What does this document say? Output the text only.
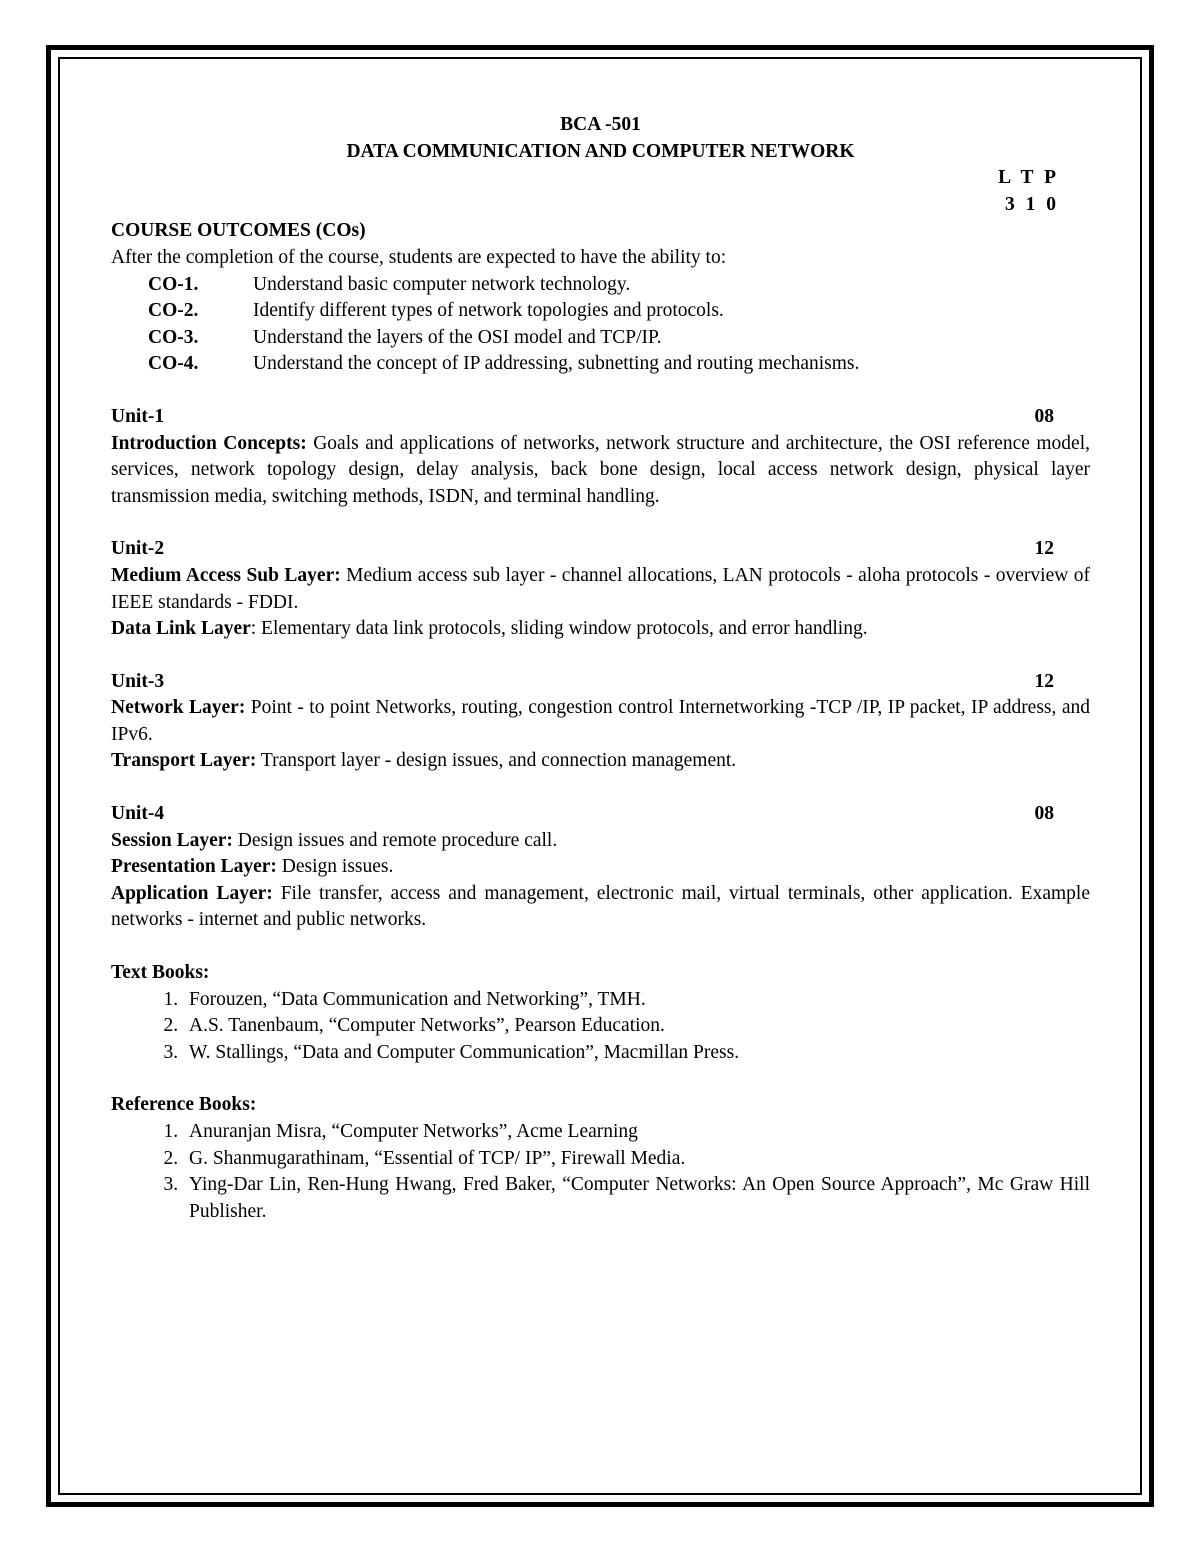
BCA -501
DATA COMMUNICATION AND COMPUTER NETWORK
L T P
3 1 0
COURSE OUTCOMES (COs)
After the completion of the course, students are expected to have the ability to:
CO-1.	Understand basic computer network technology.
CO-2.	Identify different types of network topologies and protocols.
CO-3.	Understand the layers of the OSI model and TCP/IP.
CO-4.	Understand the concept of IP addressing, subnetting and routing mechanisms.
Unit-1	08
Introduction Concepts: Goals and applications of networks, network structure and architecture, the OSI reference model, services, network topology design, delay analysis, back bone design, local access network design, physical layer transmission media, switching methods, ISDN, and terminal handling.
Unit-2	12
Medium Access Sub Layer: Medium access sub layer - channel allocations, LAN protocols - aloha protocols - overview of IEEE standards - FDDI.
Data Link Layer: Elementary data link protocols, sliding window protocols, and error handling.
Unit-3	12
Network Layer: Point - to point Networks, routing, congestion control Internetworking -TCP /IP, IP packet, IP address, and IPv6.
Transport Layer: Transport layer - design issues, and connection management.
Unit-4	08
Session Layer: Design issues and remote procedure call.
Presentation Layer: Design issues.
Application Layer: File transfer, access and management, electronic mail, virtual terminals, other application. Example networks - internet and public networks.
Text Books:
1. Forouzen, “Data Communication and Networking”, TMH.
2. A.S. Tanenbaum, “Computer Networks”, Pearson Education.
3. W. Stallings, “Data and Computer Communication”, Macmillan Press.
Reference Books:
1. Anuranjan Misra, “Computer Networks”, Acme Learning
2. G. Shanmugarathinam, “Essential of TCP/ IP”, Firewall Media.
3. Ying-Dar Lin, Ren-Hung Hwang, Fred Baker, “Computer Networks: An Open Source Approach”, Mc Graw Hill Publisher.
